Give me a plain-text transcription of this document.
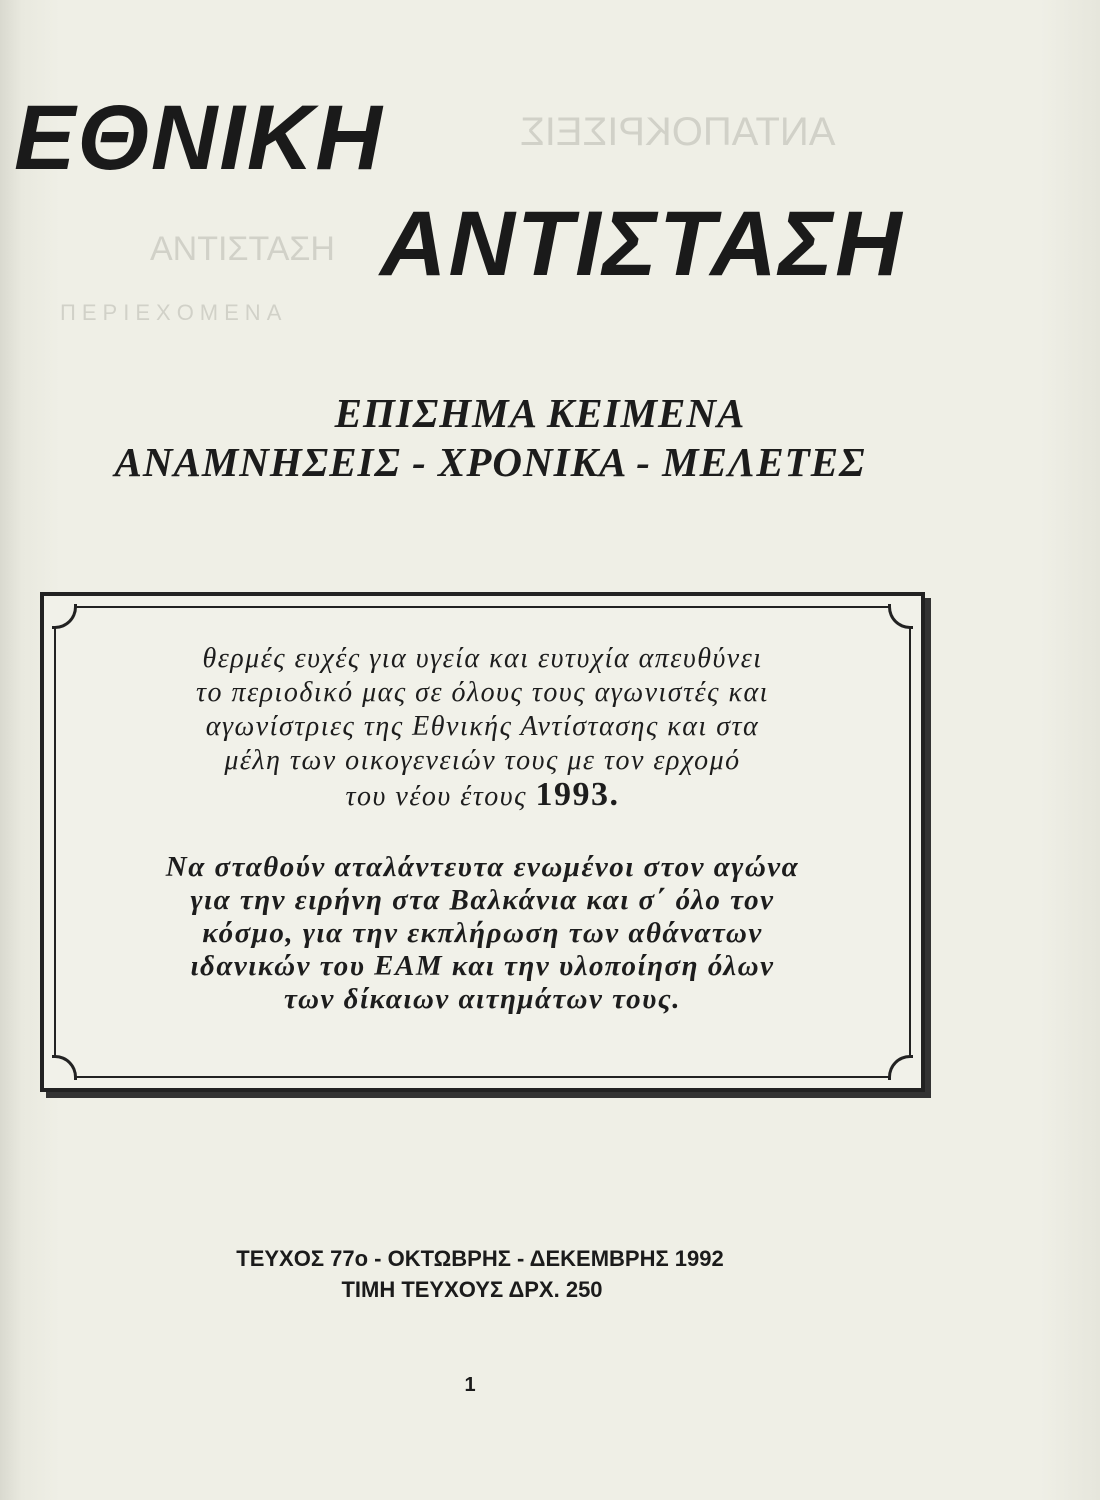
ΑΝΤΑΠΟΚΡΙΣΕΙΣ
ΑΝΤΙΣΤΑΣΗ
ΠΕΡΙΕΧΟΜΕΝΑ
ΕΘΝΙΚΗ
ΑΝΤΙΣΤΑΣΗ
ΕΠΙΣΗΜΑ ΚΕΙΜΕΝΑ
ΑΝΑΜΝΗΣΕΙΣ - ΧΡΟΝΙΚΑ - ΜΕΛΕΤΕΣ
θερμές ευχές για υγεία και ευτυχία απευθύνει
το περιοδικό μας σε όλους τους αγωνιστές και
αγωνίστριες της Εθνικής Αντίστασης και στα
μέλη των οικογενειών τους με τον ερχομό
του νέου έτους 1993.
Να σταθούν αταλάντευτα ενωμένοι στον αγώνα
για την ειρήνη στα Βαλκάνια και σ΄ όλο τον
κόσμο, για την εκπλήρωση των αθάνατων
ιδανικών του ΕΑΜ και την υλοποίηση όλων
των δίκαιων αιτημάτων τους.
ΤΕΥΧΟΣ 77ο - ΟΚΤΩΒΡΗΣ - ΔΕΚΕΜΒΡΗΣ 1992
ΤΙΜΗ ΤΕΥΧΟΥΣ ΔΡΧ. 250
1
